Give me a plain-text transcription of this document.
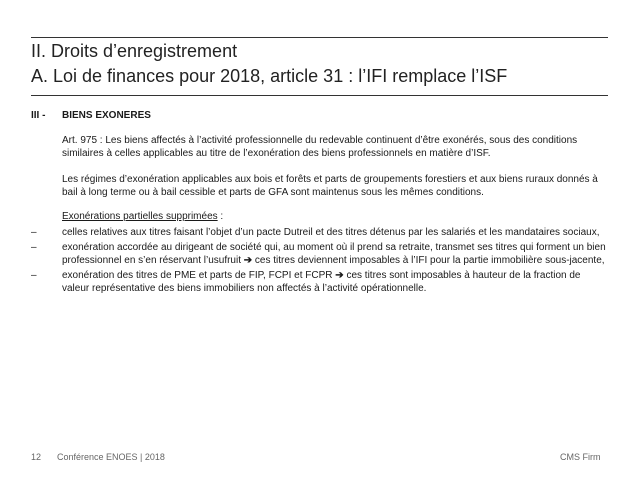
II. Droits d’enregistrement
A. Loi de finances pour 2018, article 31 : l’IFI remplace l’ISF
III - BIENS EXONERES
Art. 975 : Les biens affectés à l’activité professionnelle du redevable continuent d’être exonérés, sous des conditions similaires à celles applicables au titre de l’exonération des biens professionnels en matière d’ISF.
Les régimes d’exonération applicables aux bois et forêts et parts de groupements forestiers et aux biens ruraux donnés à bail à long terme ou à bail cessible et parts de GFA sont maintenus sous les mêmes conditions.
Exonérations partielles supprimées :
–	celles relatives aux titres faisant l’objet d’un pacte Dutreil et des titres détenus par les salariés et les mandataires sociaux,
–	exonération accordée au dirigeant de société qui, au moment où il prend sa retraite, transmet ses titres qui forment un bien professionnel en s’en réservant l’usufruit ➔ ces titres deviennent imposables à l’IFI pour la partie immobilière sous-jacente,
–	exonération des titres de PME et parts de FIP, FCPI et FCPR ➔ ces titres sont imposables à hauteur de la fraction de valeur représentative des biens immobiliers non affectés à l’activité opérationnelle.
12 Conférence ENOES | 2018	CMS Firm
